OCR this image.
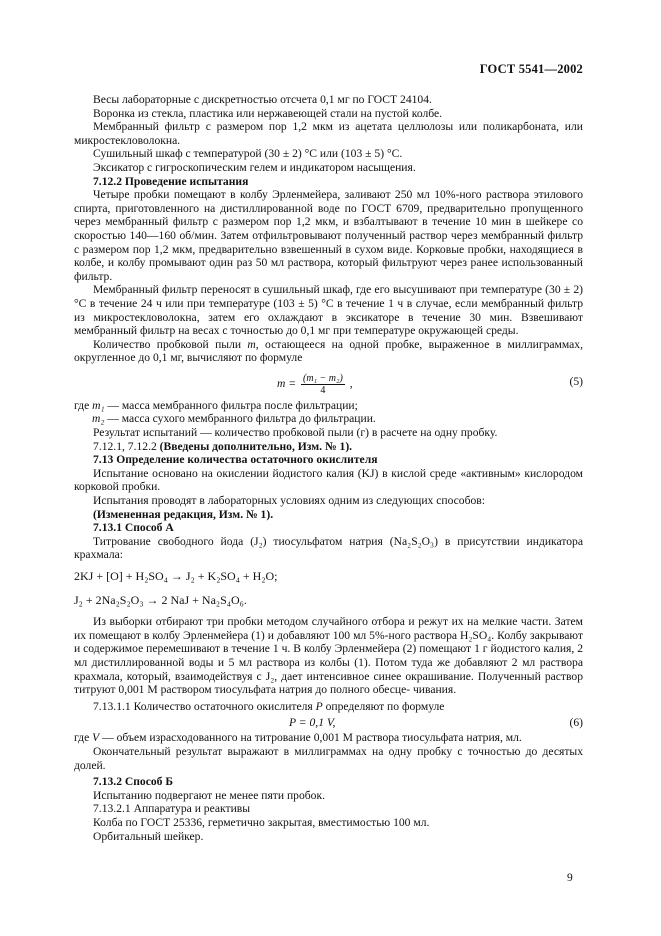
ГОСТ 5541—2002

Весы лабораторные с дискретностью отсчета 0,1 мг по ГОСТ 24104.

Воронка из стекла, пластика или нержавеющей стали на пустой колбе.

Мембранный фильтр с размером пор 1,2 мкм из ацетата целлюлозы или поликарбоната, или микростекловолокна.

Сушильный шкаф с температурой (30 ± 2) °С или (103 ± 5) °С.

Эксикатор с гигроскопическим гелем и индикатором насыщения.

7.12.2 Проведение испытания

Четыре пробки помещают в колбу Эрленмейера, заливают 250 мл 10%-ного раствора этилового спирта, приготовленного на дистиллированной воде по ГОСТ 6709, предварительно пропущенного через мембранный фильтр с размером пор 1,2 мкм, и взбалтывают в течение 10 мин в шейкере со скоростью 140—160 об/мин. Затем отфильтровывают полученный раствор через мембранный фильтр с размером пор 1,2 мкм, предварительно взвешенный в сухом виде. Корковые пробки, находящиеся в колбе, и колбу промывают один раз 50 мл раствора, который фильтруют через ранее использованный фильтр.

Мембранный фильтр переносят в сушильный шкаф, где его высушивают при температуре (30 ± 2) °С в течение 24 ч или при температуре (103 ± 5) °С в течение 1 ч в случае, если мембранный фильтр из микростекловолокна, затем его охлаждают в эксикаторе в течение 30 мин. Взвешивают мембранный фильтр на весах с точностью до 0,1 мг при температуре окружающей среды.

Количество пробковой пыли m, остающееся на одной пробке, выраженное в миллиграммах, округленное до 0,1 мг, вычисляют по формуле

$m = \frac{\text{(m₁ − m₂)}}{4}$ ,	(5)

где m₁ — масса мембранного фильтра после фильтрации;

m₂ — масса сухого мембранного фильтра до фильтрации.

Результат испытаний — количество пробковой пыли (г) в расчете на одну пробку.

7.12.1, 7.12.2 (Введены дополнительно, Изм. № 1).

7.13 Определение количества остаточного окислителя

Испытание основано на окислении йодистого калия (KJ) в кислой среде «активным» кислородом корковой пробки.

Испытания проводят в лабораторных условиях одним из следующих способов:

(Измененная редакция, Изм. № 1).

7.13.1 Способ А

Титрование свободного йода (J₂) тиосульфатом натрия (Na₂S₂O₃) в присутствии индикатора крахмала:

2KJ + [O] + H₂SO₄ → J₂ + K₂SO₄ + H₂O;

J₂ + 2Na₂S₂O₃ → 2 NaJ + Na₂S₄O₆.

Из выборки отбирают три пробки методом случайного отбора и режут их на мелкие части. Затем их помещают в колбу Эрленмейера (1) и добавляют 100 мл 5%-ного раствора H₂SO₄. Колбу закрывают и содержимое перемешивают в течение 1 ч. В колбу Эрленмейера (2) помещают 1 г йодистого калия, 2 мл дистиллированной воды и 5 мл раствора из колбы (1). Потом туда же добавляют 2 мл раствора крахмала, который, взаимодействуя с J₂, дает интенсивное синее окрашивание. Полученный раствор титруют 0,001 М раствором тиосульфата натрия до полного обесце- чивания.

7.13.1.1 Количество остаточного окислителя P определяют по формуле

P = 0,1 V,	(6)

где V — объем израсходованного на титрование 0,001 М раствора тиосульфата натрия, мл.

Окончательный результат выражают в миллиграммах на одну пробку с точностью до десятых долей.

7.13.2 Способ Б

Испытанию подвергают не менее пяти пробок.

7.13.2.1 Аппаратура и реактивы

Колба по ГОСТ 25336, герметично закрытая, вместимостью 100 мл.

Орбитальный шейкер.

9
